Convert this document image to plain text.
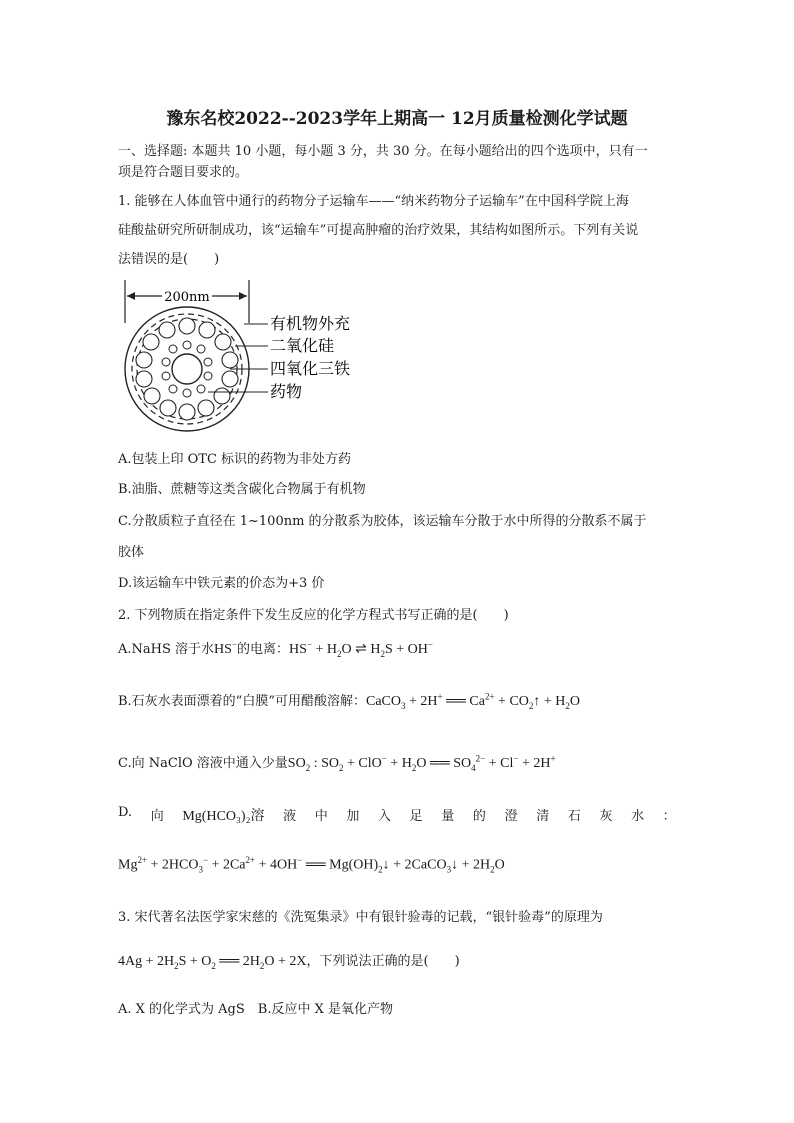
豫东名校2022--2023学年上期高一 12月质量检测化学试题
一、选择题: 本题共 10 小题，每小题 3 分，共 30 分。在每小题给出的四个选项中，只有一
项是符合题目要求的。
1. 能够在人体血管中通行的药物分子运输车——“纳米药物分子运输车”在中国科学院上海
硅酸盐研究所研制成功，该“运输车”可提高肿瘤的治疗效果，其结构如图所示。下列有关说
法错误的是(　　)
200nm
有机物外充
二氧化硅
四氧化三铁
药物
A.包装上印 OTC 标识的药物为非处方药
B.油脂、蔗糖等这类含碳化合物属于有机物
C.分散质粒子直径在 1~100nm 的分散系为胶体，该运输车分散于水中所得的分散系不属于
胶体
D.该运输车中铁元素的价态为+3 价
2. 下列物质在指定条件下发生反应的化学方程式书写正确的是(　　)
A.NaHS 溶于水HS−的电离：$HS^- + H_2O$ ⇌ $H_2S + OH^-$
B.石灰水表面漂着的“白膜”可用醋酸溶解：CaCO$_3$ + 2H+ ══ $Ca^{2+}$ + $CO_2↑ + H_2O$
C.向 NaClO 溶液中通入少量$SO_2$ : $SO_2 + ClO^- + H_2O$ ══ $SO_4^{2-} + Cl^- + 2H^+$
D. 向 Mg(HCO₃)₂溶 液 中 加 入 足 量 的 澄 清 石 灰 水 ：
$Mg^{2+} + 2HCO_3^- + 2Ca^{2+} + 4OH^-$ ══ $Mg(OH)_2↓$ + 2CaCO$_3$↓ + $2H_2O$
3. 宋代著名法医学家宋慈的《洗冤集录》中有银针验毒的记载，“银针验毒”的原理为
$4Ag + 2H_2S + O_2$ ══ $2H_2O + 2X$，下列说法正确的是(　　)
A. X 的化学式为 AgS　B.反应中 X 是氧化产物
